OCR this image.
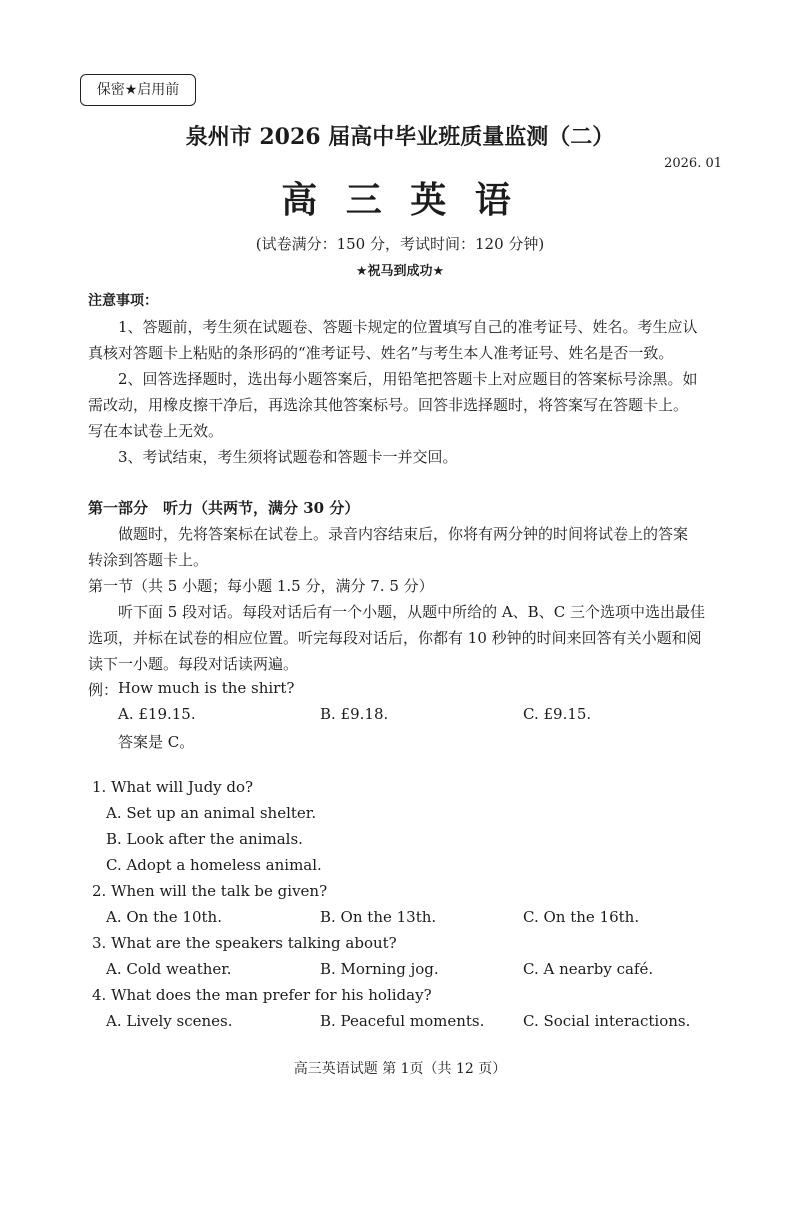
保密★启用前
泉州市 2026 届高中毕业班质量监测（二）
2026. 01
高 三 英 语
(试卷满分：150 分，考试时间：120 分钟)
★祝马到成功★
注意事项：
1、答题前，考生须在试题卷、答题卡规定的位置填写自己的准考证号、姓名。考生应认
真核对答题卡上粘贴的条形码的“准考证号、姓名”与考生本人准考证号、姓名是否一致。
2、回答选择题时，选出每小题答案后，用铅笔把答题卡上对应题目的答案标号涂黑。如
需改动，用橡皮擦干净后，再选涂其他答案标号。回答非选择题时，将答案写在答题卡上。
写在本试卷上无效。
3、考试结束，考生须将试题卷和答题卡一并交回。
第一部分　听力（共两节，满分 30 分）
做题时，先将答案标在试卷上。录音内容结束后，你将有两分钟的时间将试卷上的答案
转涂到答题卡上。
第一节（共 5 小题；每小题 1.5 分，满分 7. 5 分）
听下面 5 段对话。每段对话后有一个小题，从题中所给的 A、B、C 三个选项中选出最佳
选项，并标在试卷的相应位置。听完每段对话后，你都有 10 秒钟的时间来回答有关小题和阅
读下一小题。每段对话读两遍。
例： How much is the shirt?
A. £19.15.	B. £9.18.	C. £9.15.
答案是 C。
1. What will Judy do?
A. Set up an animal shelter.
B. Look after the animals.
C. Adopt a homeless animal.
2. When will the talk be given?
A. On the 10th.	B. On the 13th.	C. On the 16th.
3. What are the speakers talking about?
A. Cold weather.	B. Morning jog.	C. A nearby café.
4. What does the man prefer for his holiday?
A. Lively scenes.	B. Peaceful moments.	C. Social interactions.
高三英语试题 第 1页（共 12 页）
